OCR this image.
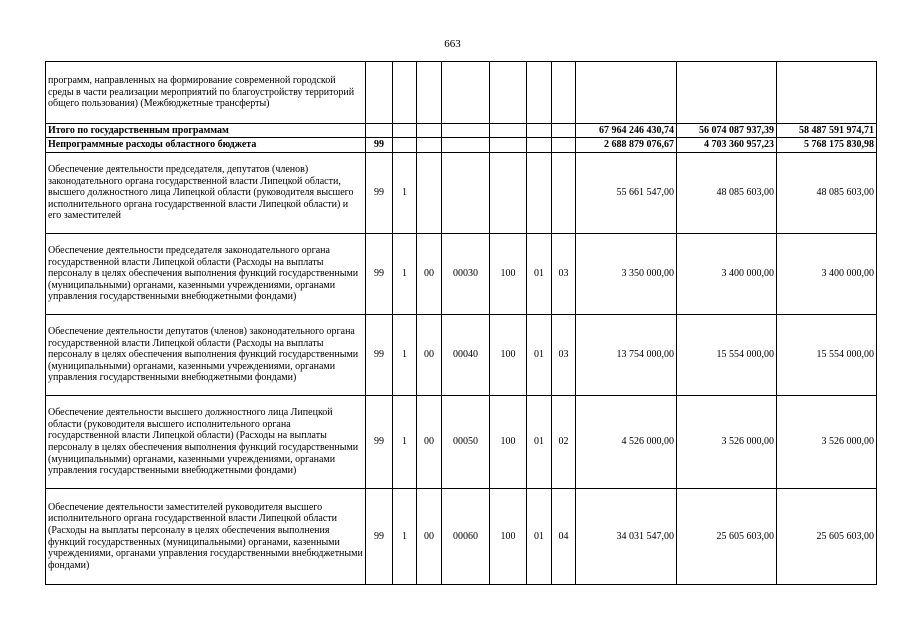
663
программ, направленных на формирование современной городской среды в части реализации мероприятий по благоустройству территорий общего пользования) (Межбюджетные трансферты)										
Итого по государственным программам								67 964 246 430,74	56 074 087 937,39	58 487 591 974,71
Непрограммные расходы областного бюджета	99							2 688 879 076,67	4 703 360 957,23	5 768 175 830,98
Обеспечение деятельности председателя, депутатов (членов) законодательного органа государственной власти Липецкой области, высшего должностного лица Липецкой области (руководителя высшего исполнительного органа государственной власти Липецкой области) и его заместителей	99	1						55 661 547,00	48 085 603,00	48 085 603,00
Обеспечение деятельности председателя законодательного органа государственной власти Липецкой области (Расходы на выплаты персоналу в целях обеспечения выполнения функций государственными (муниципальными) органами, казенными учреждениями, органами управления государственными внебюджетными фондами)	99	1	00	00030	100	01	03	3 350 000,00	3 400 000,00	3 400 000,00
Обеспечение деятельности депутатов (членов) законодательного органа государственной власти Липецкой области (Расходы на выплаты персоналу в целях обеспечения выполнения функций государственными (муниципальными) органами, казенными учреждениями, органами управления государственными внебюджетными фондами)	99	1	00	00040	100	01	03	13 754 000,00	15 554 000,00	15 554 000,00
Обеспечение деятельности высшего должностного лица Липецкой области (руководителя высшего исполнительного органа государственной власти Липецкой области) (Расходы на выплаты персоналу в целях обеспечения выполнения функций государственными (муниципальными) органами, казенными учреждениями, органами управления государственными внебюджетными фондами)	99	1	00	00050	100	01	02	4 526 000,00	3 526 000,00	3 526 000,00
Обеспечение деятельности заместителей руководителя высшего исполнительного органа государственной власти Липецкой области (Расходы на выплаты персоналу в целях обеспечения выполнения функций государственных (муниципальными) органами, казенными учреждениями, органами управления государственными внебюджетными фондами)	99	1	00	00060	100	01	04	34 031 547,00	25 605 603,00	25 605 603,00
